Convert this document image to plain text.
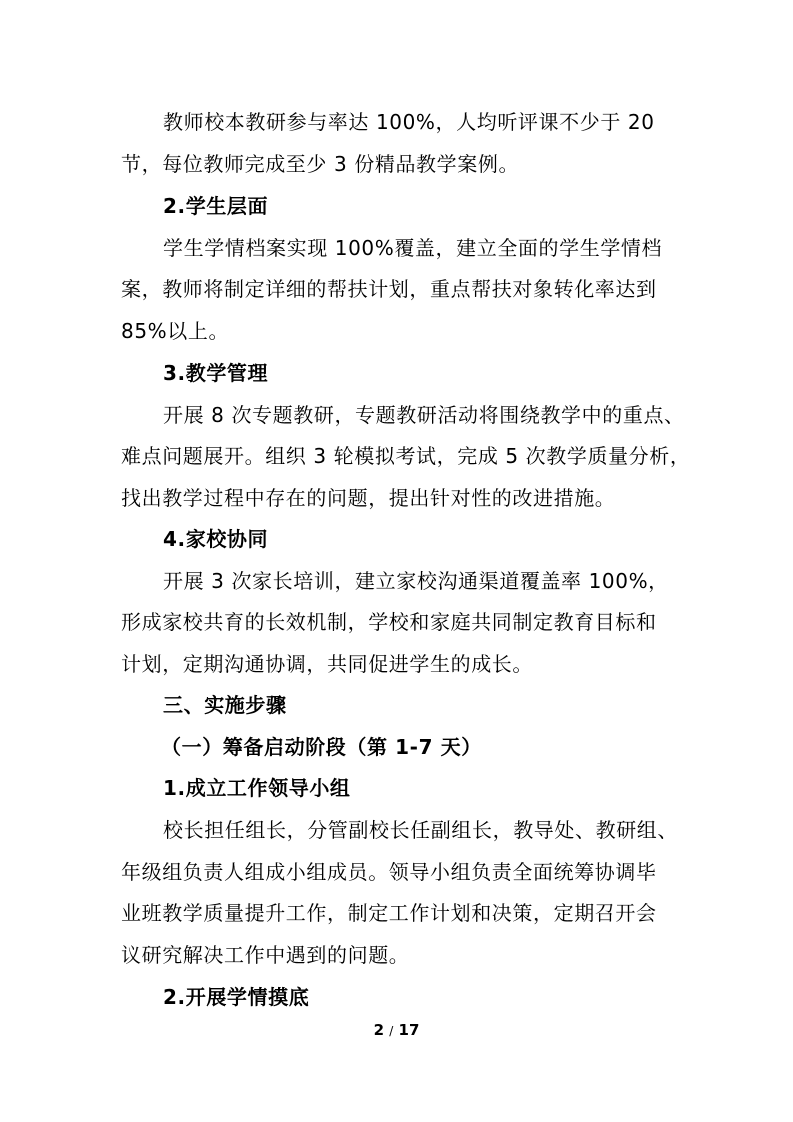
教师校本教研参与率达 100%，人均听评课不少于 20
节，每位教师完成至少 3 份精品教学案例。
2.学生层面
学生学情档案实现 100%覆盖，建立全面的学生学情档
案，教师将制定详细的帮扶计划，重点帮扶对象转化率达到
85%以上。
3.教学管理
开展 8 次专题教研，专题教研活动将围绕教学中的重点、
难点问题展开。组织 3 轮模拟考试，完成 5 次教学质量分析，
找出教学过程中存在的问题，提出针对性的改进措施。
4.家校协同
开展 3 次家长培训，建立家校沟通渠道覆盖率 100%，
形成家校共育的长效机制，学校和家庭共同制定教育目标和
计划，定期沟通协调，共同促进学生的成长。
三、实施步骤
（一）筹备启动阶段（第 1-7 天）
1.成立工作领导小组
校长担任组长，分管副校长任副组长，教导处、教研组、
年级组负责人组成小组成员。领导小组负责全面统筹协调毕
业班教学质量提升工作，制定工作计划和决策，定期召开会
议研究解决工作中遇到的问题。
2.开展学情摸底
2 / 17
